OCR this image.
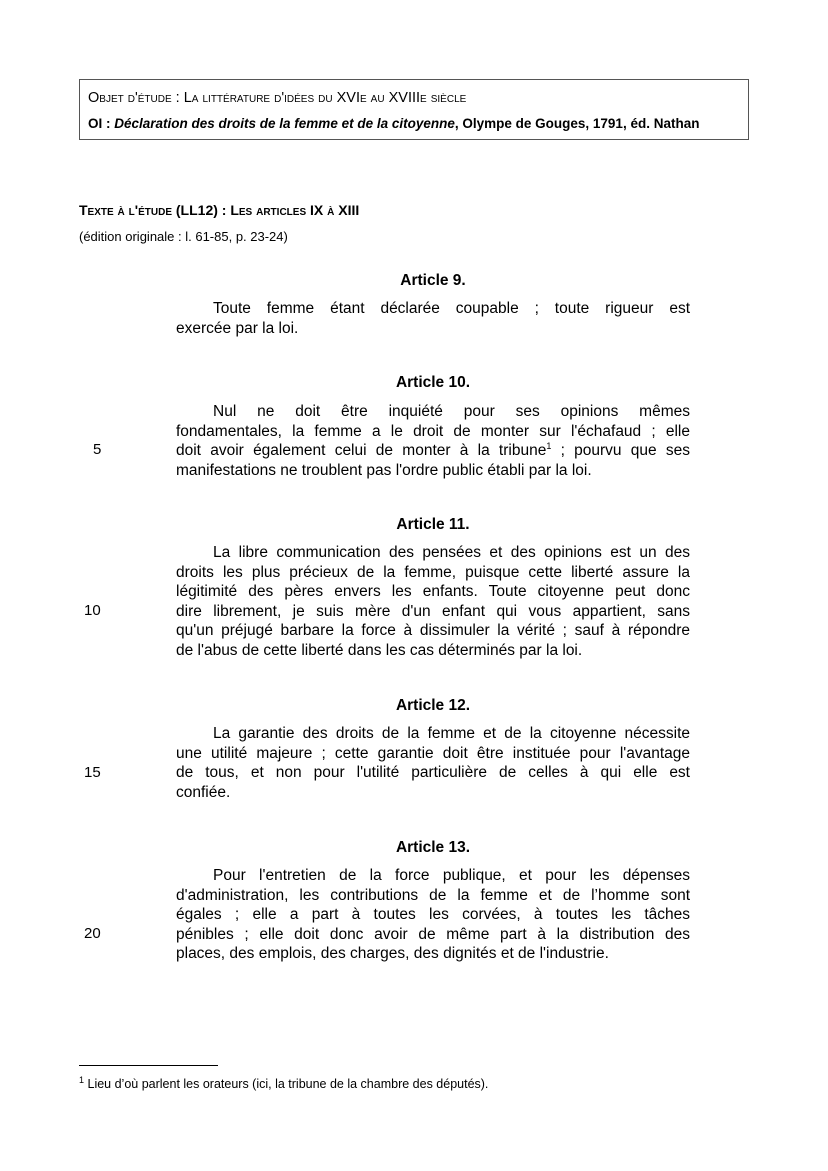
Objet d'étude : La littérature d'idées du XVIe au XVIIIe siècle
OI : Déclaration des droits de la femme et de la citoyenne, Olympe de Gouges, 1791, éd. Nathan
Texte à l'étude (LL12) : Les articles IX à XIII
(édition originale : l. 61-85, p. 23-24)
Article 9.
Toute femme étant déclarée coupable ; toute rigueur est
exercée par la loi.
Article 10.
Nul ne doit être inquiété pour ses opinions mêmes
fondamentales, la femme a le droit de monter sur l'échafaud ; elle
doit avoir également celui de monter à la tribune$^1$ ; pourvu que ses
manifestations ne troublent pas l'ordre public établi par la loi.
5
Article 11.
La libre communication des pensées et des opinions est un des
droits les plus précieux de la femme, puisque cette liberté assure la
légitimité des pères envers les enfants. Toute citoyenne peut donc
dire librement, je suis mère d'un enfant qui vous appartient, sans
qu'un préjugé barbare la force à dissimuler la vérité ; sauf à répondre
de l'abus de cette liberté dans les cas déterminés par la loi.
10
Article 12.
La garantie des droits de la femme et de la citoyenne nécessite
une utilité majeure ; cette garantie doit être instituée pour l'avantage
de tous, et non pour l'utilité particulière de celles à qui elle est
confiée.
15
Article 13.
Pour l'entretien de la force publique, et pour les dépenses
d'administration, les contributions de la femme et de l’homme sont
égales ; elle a part à toutes les corvées, à toutes les tâches
pénibles ; elle doit donc avoir de même part à la distribution des
places, des emplois, des charges, des dignités et de l'industrie.
20
$^1$ Lieu d’où parlent les orateurs (ici, la tribune de la chambre des députés).
